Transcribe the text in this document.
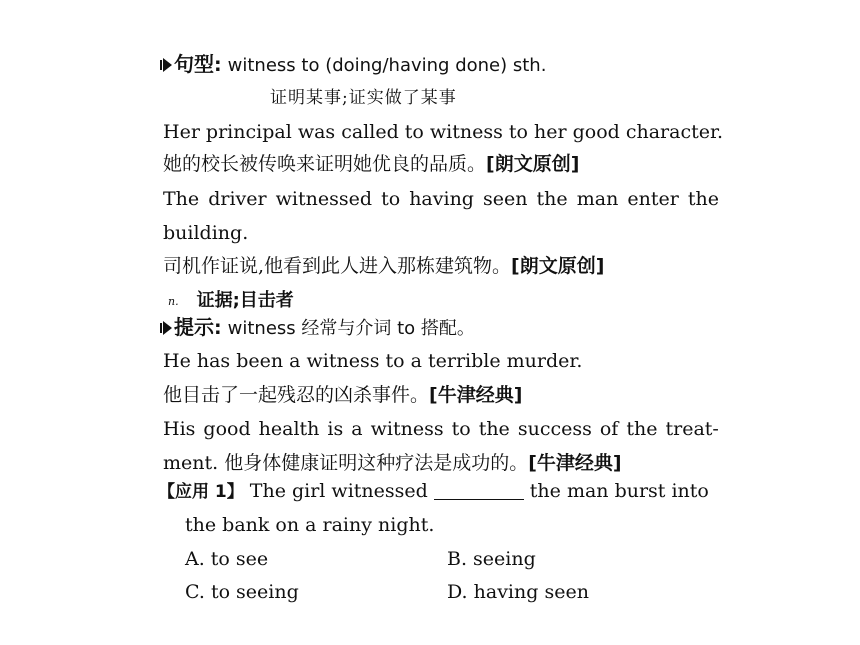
句型: witness to (doing/having done) sth.
证明某事;证实做了某事
Her principal was called to witness to her good character.
她的校长被传唤来证明她优良的品质。[朗文原创]
The driver witnessed to having seen the man enter the
building.
司机作证说,他看到此人进入那栋建筑物。[朗文原创]
n. 证据;目击者
提示: witness 经常与介词 to 搭配。
He has been a witness to a terrible murder.
他目击了一起残忍的凶杀事件。[牛津经典]
His good health is a witness to the success of the treat-
ment. 他身体健康证明这种疗法是成功的。[牛津经典]
【应用 1】 The girl witnessed	the man burst into
the bank on a rainy night.
A. to see	B. seeing
C. to seeing	D. having seen
